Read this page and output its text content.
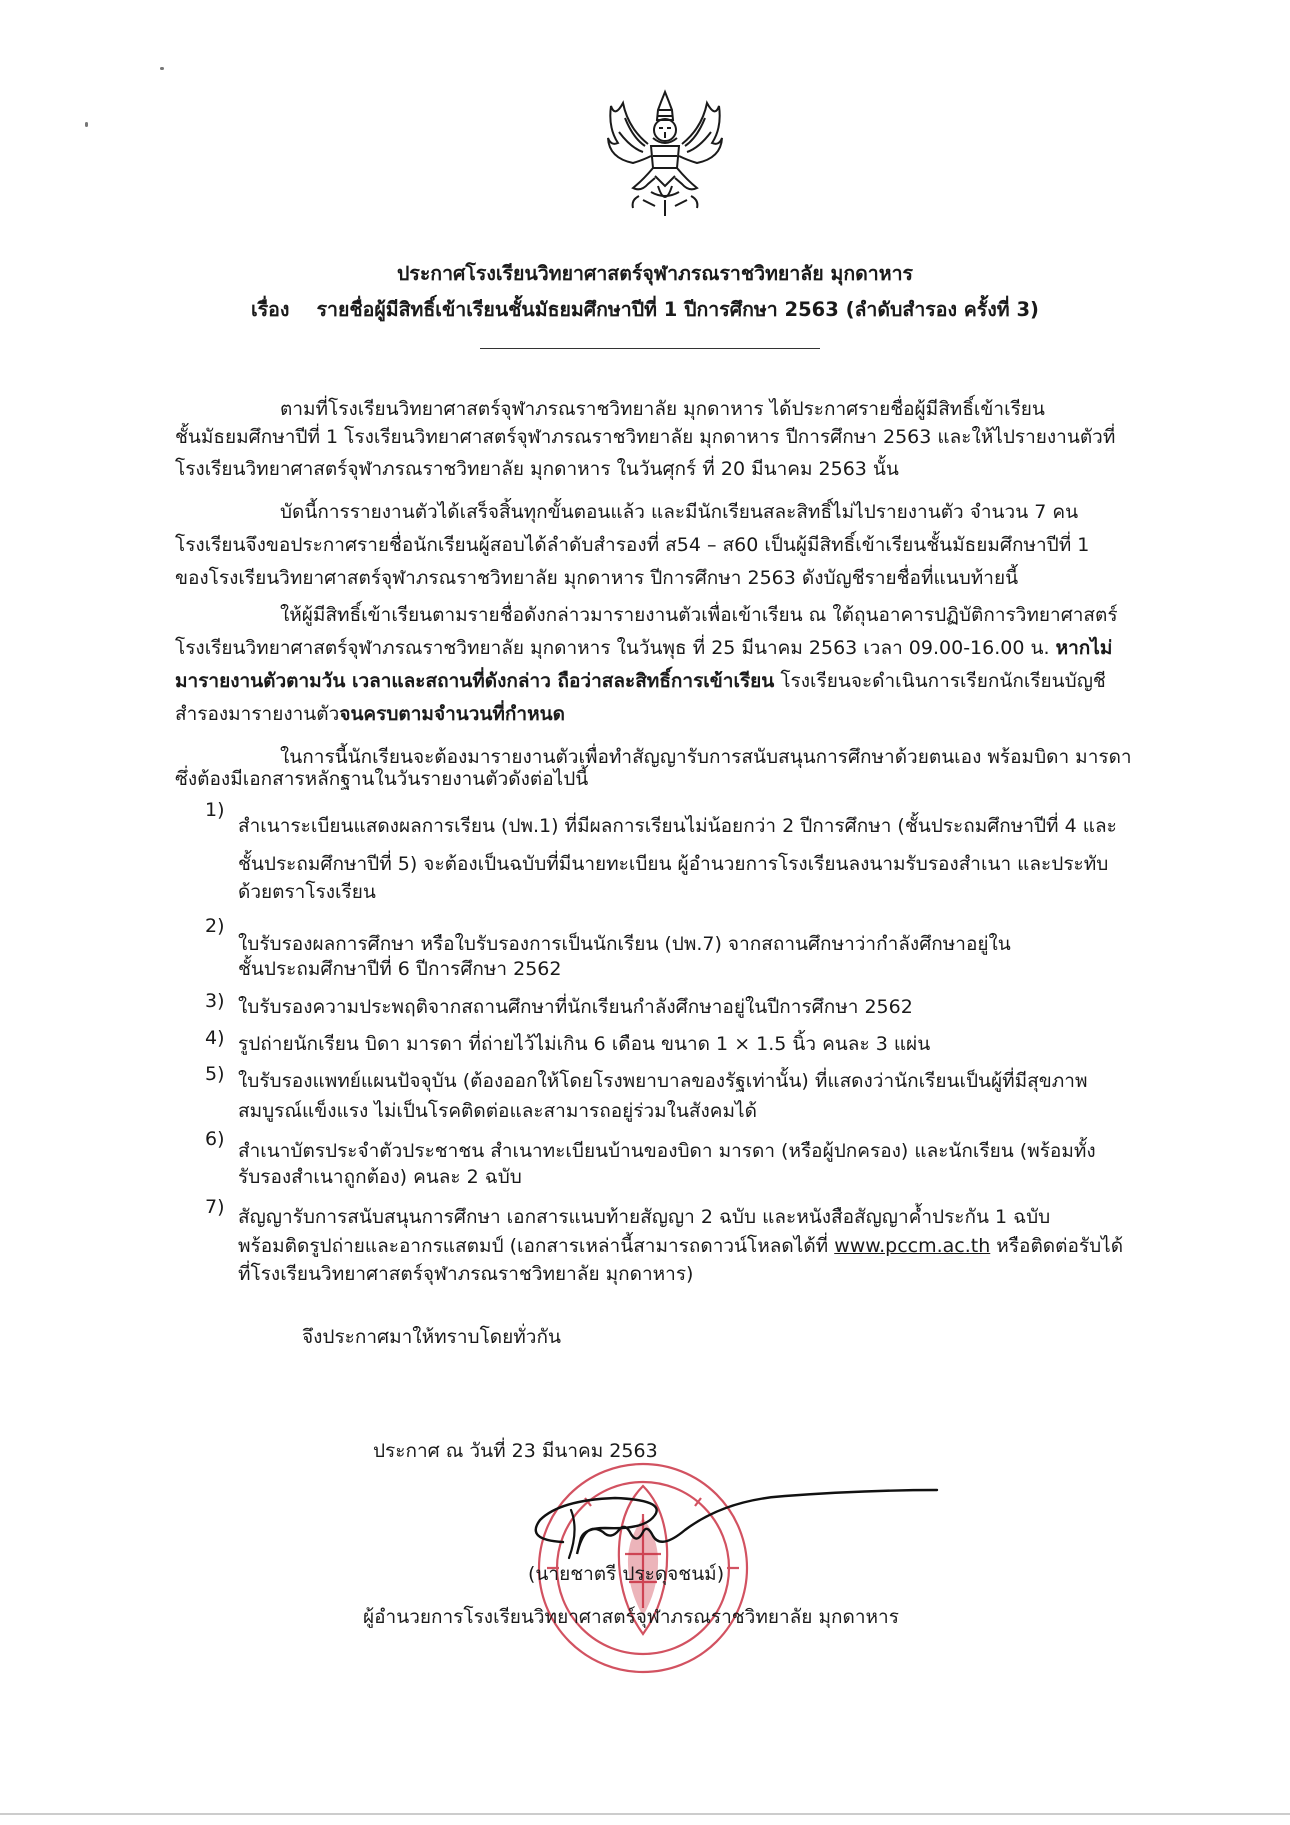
ประกาศโรงเรียนวิทยาศาสตร์จุฬาภรณราชวิทยาลัย มุกดาหาร
เรื่อง รายชื่อผู้มีสิทธิ์เข้าเรียนชั้นมัธยมศึกษาปีที่ 1 ปีการศึกษา 2563 (ลำดับสำรอง ครั้งที่ 3)
ตามที่โรงเรียนวิทยาศาสตร์จุฬาภรณราชวิทยาลัย มุกดาหาร ได้ประกาศรายชื่อผู้มีสิทธิ์เข้าเรียน
ชั้นมัธยมศึกษาปีที่ 1 โรงเรียนวิทยาศาสตร์จุฬาภรณราชวิทยาลัย มุกดาหาร ปีการศึกษา 2563 และให้ไปรายงานตัวที่
โรงเรียนวิทยาศาสตร์จุฬาภรณราชวิทยาลัย มุกดาหาร ในวันศุกร์ ที่ 20 มีนาคม 2563 นั้น
บัดนี้การรายงานตัวได้เสร็จสิ้นทุกขั้นตอนแล้ว และมีนักเรียนสละสิทธิ์ไม่ไปรายงานตัว จำนวน 7 คน
โรงเรียนจึงขอประกาศรายชื่อนักเรียนผู้สอบได้ลำดับสำรองที่ ส54 – ส60 เป็นผู้มีสิทธิ์เข้าเรียนชั้นมัธยมศึกษาปีที่ 1
ของโรงเรียนวิทยาศาสตร์จุฬาภรณราชวิทยาลัย มุกดาหาร ปีการศึกษา 2563 ดังบัญชีรายชื่อที่แนบท้ายนี้
ให้ผู้มีสิทธิ์เข้าเรียนตามรายชื่อดังกล่าวมารายงานตัวเพื่อเข้าเรียน ณ ใต้ถุนอาคารปฏิบัติการวิทยาศาสตร์
โรงเรียนวิทยาศาสตร์จุฬาภรณราชวิทยาลัย มุกดาหาร ในวันพุธ ที่ 25 มีนาคม 2563 เวลา 09.00-16.00 น. หากไม่
มารายงานตัวตามวัน เวลาและสถานที่ดังกล่าว ถือว่าสละสิทธิ์การเข้าเรียน โรงเรียนจะดำเนินการเรียกนักเรียนบัญชี
สำรองมารายงานตัวจนครบตามจำนวนที่กำหนด
ในการนี้นักเรียนจะต้องมารายงานตัวเพื่อทำสัญญารับการสนับสนุนการศึกษาด้วยตนเอง พร้อมบิดา มารดา
ซึ่งต้องมีเอกสารหลักฐานในวันรายงานตัวดังต่อไปนี้
1)
สำเนาระเบียนแสดงผลการเรียน (ปพ.1) ที่มีผลการเรียนไม่น้อยกว่า 2 ปีการศึกษา (ชั้นประถมศึกษาปีที่ 4 และ
ชั้นประถมศึกษาปีที่ 5) จะต้องเป็นฉบับที่มีนายทะเบียน ผู้อำนวยการโรงเรียนลงนามรับรองสำเนา และประทับ
ด้วยตราโรงเรียน
2)
ใบรับรองผลการศึกษา หรือใบรับรองการเป็นนักเรียน (ปพ.7) จากสถานศึกษาว่ากำลังศึกษาอยู่ใน
ชั้นประถมศึกษาปีที่ 6 ปีการศึกษา 2562
3) ใบรับรองความประพฤติจากสถานศึกษาที่นักเรียนกำลังศึกษาอยู่ในปีการศึกษา 2562
4) รูปถ่ายนักเรียน บิดา มารดา ที่ถ่ายไว้ไม่เกิน 6 เดือน ขนาด 1 × 1.5 นิ้ว คนละ 3 แผ่น
5) ใบรับรองแพทย์แผนปัจจุบัน (ต้องออกให้โดยโรงพยาบาลของรัฐเท่านั้น) ที่แสดงว่านักเรียนเป็นผู้ที่มีสุขภาพ
สมบูรณ์แข็งแรง ไม่เป็นโรคติดต่อและสามารถอยู่ร่วมในสังคมได้
6)
สำเนาบัตรประจำตัวประชาชน สำเนาทะเบียนบ้านของบิดา มารดา (หรือผู้ปกครอง) และนักเรียน (พร้อมทั้ง
รับรองสำเนาถูกต้อง) คนละ 2 ฉบับ
7) สัญญารับการสนับสนุนการศึกษา เอกสารแนบท้ายสัญญา 2 ฉบับ และหนังสือสัญญาค้ำประกัน 1 ฉบับ
พร้อมติดรูปถ่ายและอากรแสตมป์ (เอกสารเหล่านี้สามารถดาวน์โหลดได้ที่ www.pccm.ac.th หรือติดต่อรับได้
ที่โรงเรียนวิทยาศาสตร์จุฬาภรณราชวิทยาลัย มุกดาหาร)
จึงประกาศมาให้ทราบโดยทั่วกัน
ประกาศ ณ วันที่ 23 มีนาคม 2563
(นายชาตรี ประดุจชนม์)
ผู้อำนวยการโรงเรียนวิทยาศาสตร์จุฬาภรณราชวิทยาลัย มุกดาหาร
